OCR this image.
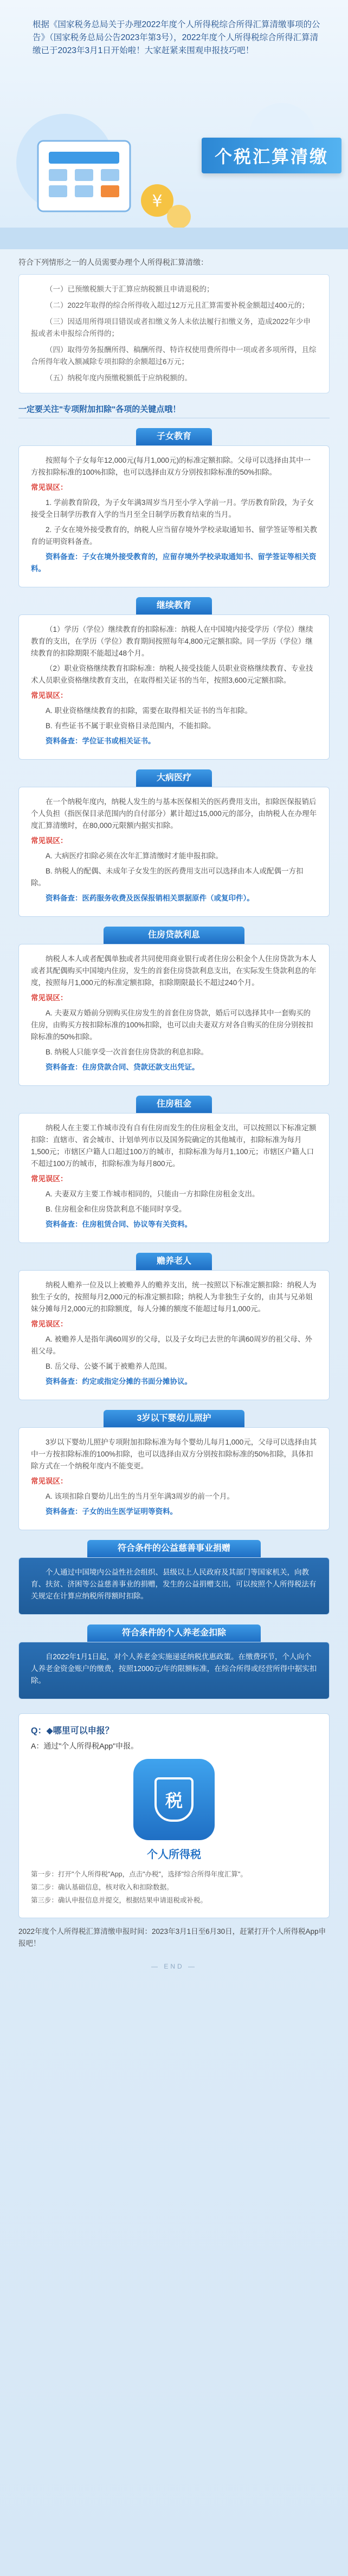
根据《国家税务总局关于办理2022年度个人所得税综合所得汇算清缴事项的公告》（国家税务总局公告2023年第3号），2022年度个人所得税综合所得汇算清缴已于2023年3月1日开始啦！大家赶紧来围观申报技巧吧！
¥
个税汇算清缴

符合下列情形之一的人员需要办理个人所得税汇算清缴：

（一）已预缴税额大于汇算应纳税额且申请退税的；

（二）2022年取得的综合所得收入超过12万元且汇算需要补税金额超过400元的；

（三）因适用所得项目错误或者扣缴义务人未依法履行扣缴义务，造成2022年少申报或者未申报综合所得的；

（四）取得劳务报酬所得、稿酬所得、特许权使用费所得中一项或者多项所得，且综合所得年收入额减除专项扣除的余额超过6万元；

（五）纳税年度内预缴税额低于应纳税额的。

一定要关注"专项附加扣除"各项的关键点哦！
子女教育

按照每个子女每年12,000元(每月1,000元)的标准定额扣除。父母可以选择由其中一方按扣除标准的100%扣除，也可以选择由双方分别按扣除标准的50%扣除。

常见误区：

1. 学前教育阶段，为子女年满3周岁当月至小学入学前一月。学历教育阶段，为子女接受全日制学历教育入学的当月至全日制学历教育结束的当月。

2. 子女在境外接受教育的，纳税人应当留存境外学校录取通知书、留学签证等相关教育的证明资料备查。

资料备查：子女在境外接受教育的，应留存境外学校录取通知书、留学签证等相关资料。

继续教育

（1）学历（学位）继续教育的扣除标准：纳税人在中国境内接受学历（学位）继续教育的支出，在学历（学位）教育期间按照每年4,800元定额扣除。同一学历（学位）继续教育的扣除期限不能超过48个月。

（2）职业资格继续教育扣除标准：纳税人接受技能人员职业资格继续教育、专业技术人员职业资格继续教育支出，在取得相关证书的当年，按照3,600元定额扣除。

常见误区：

A. 职业资格继续教育的扣除，需要在取得相关证书的当年扣除。

B. 有些证书不属于职业资格目录范围内，不能扣除。

资料备查：学位证书或相关证书。

大病医疗

在一个纳税年度内，纳税人发生的与基本医保相关的医药费用支出，扣除医保报销后个人负担（指医保目录范围内的自付部分）累计超过15,000元的部分，由纳税人在办理年度汇算清缴时，在80,000元限额内据实扣除。

常见误区：

A. 大病医疗扣除必须在次年汇算清缴时才能申报扣除。

B. 纳税人的配偶、未成年子女发生的医药费用支出可以选择由本人或配偶一方扣除。

资料备查：医药服务收费及医保报销相关票据原件（或复印件）。

住房贷款利息

纳税人本人或者配偶单独或者共同使用商业银行或者住房公积金个人住房贷款为本人或者其配偶购买中国境内住房，发生的首套住房贷款利息支出，在实际发生贷款利息的年度，按照每月1,000元的标准定额扣除，扣除期限最长不超过240个月。

常见误区：

A. 夫妻双方婚前分别购买住房发生的首套住房贷款，婚后可以选择其中一套购买的住房，由购买方按扣除标准的100%扣除，也可以由夫妻双方对各自购买的住房分别按扣除标准的50%扣除。

B. 纳税人只能享受一次首套住房贷款的利息扣除。

资料备查：住房贷款合同、贷款还款支出凭证。

住房租金

纳税人在主要工作城市没有自有住房而发生的住房租金支出，可以按照以下标准定额扣除：直辖市、省会城市、计划单列市以及国务院确定的其他城市，扣除标准为每月1,500元；市辖区户籍人口超过100万的城市，扣除标准为每月1,100元；市辖区户籍人口不超过100万的城市，扣除标准为每月800元。

常见误区：

A. 夫妻双方主要工作城市相同的，只能由一方扣除住房租金支出。

B. 住房租金和住房贷款利息不能同时享受。

资料备查：住房租赁合同、协议等有关资料。

赡养老人

纳税人赡养一位及以上被赡养人的赡养支出，统一按照以下标准定额扣除：纳税人为独生子女的，按照每月2,000元的标准定额扣除；纳税人为非独生子女的，由其与兄弟姐妹分摊每月2,000元的扣除额度，每人分摊的额度不能超过每月1,000元。

常见误区：

A. 被赡养人是指年满60周岁的父母，以及子女均已去世的年满60周岁的祖父母、外祖父母。

B. 岳父母、公婆不属于被赡养人范围。

资料备查：约定或指定分摊的书面分摊协议。

3岁以下婴幼儿照护

3岁以下婴幼儿照护专项附加扣除标准为每个婴幼儿每月1,000元，父母可以选择由其中一方按扣除标准的100%扣除，也可以选择由双方分别按扣除标准的50%扣除，具体扣除方式在一个纳税年度内不能变更。

常见误区：

A. 该项扣除自婴幼儿出生的当月至年满3周岁的前一个月。

资料备查：子女的出生医学证明等资料。

符合条件的公益慈善事业捐赠

个人通过中国境内公益性社会组织、县级以上人民政府及其部门等国家机关，向教育、扶贫、济困等公益慈善事业的捐赠，发生的公益捐赠支出，可以按照个人所得税法有关规定在计算应纳税所得额时扣除。

符合条件的个人养老金扣除

自2022年1月1日起，对个人养老金实施递延纳税优惠政策。在缴费环节，个人向个人养老金资金账户的缴费，按照12000元/年的限额标准，在综合所得或经营所得中据实扣除。

Q：◆哪里可以申报？
A：通过"个人所得税App"申报。
税
个人所得税

第一步：打开"个人所得税"App，点击"办税"，选择"综合所得年度汇算"。

第二步：确认基础信息，核对收入和扣除数据。

第三步：确认申报信息并提交，根据结果申请退税或补税。

2022年度个人所得税汇算清缴申报时间：2023年3月1日至6月30日，赶紧打开个人所得税App申报吧！
— END —
